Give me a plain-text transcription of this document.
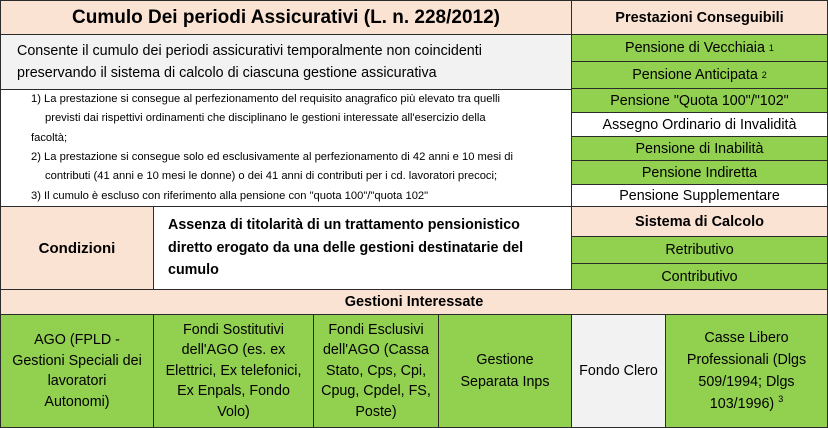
Cumulo Dei periodi Assicurativi (L. n. 228/2012)
Consente il cumulo dei periodi assicurativi temporalmente non coincidenti
preservando il sistema di calcolo di ciascuna gestione assicurativa
1) La prestazione si consegue al perfezionamento del requisito anagrafico più elevato tra quelli
previsti dai rispettivi ordinamenti che disciplinano le gestioni interessate all'esercizio della
facoltà;
2) La prestazione si consegue solo ed esclusivamente al perfezionamento di 42 anni e 10 mesi di
contributi (41 anni e 10 mesi le donne) o dei 41 anni di contributi per i cd. lavoratori precoci;
3) Il cumulo è escluso con riferimento alla pensione con "quota 100"/"quota 102"
Condizioni
Assenza di titolarità di un trattamento pensionistico
diretto erogato da una delle gestioni destinatarie del
cumulo
Prestazioni Conseguibili
Pensione di Vecchiaia
1
Pensione Anticipata
2
Pensione "Quota 100"/"102"
Assegno Ordinario di Invalidità
Pensione di Inabilità
Pensione Indiretta
Pensione Supplementare
Sistema di Calcolo
Retributivo
Contributivo
Gestioni Interessate
AGO (FPLD -
Gestioni Speciali dei
lavoratori
Autonomi)
Fondi Sostitutivi
dell'AGO (es. ex
Elettrici, Ex telefonici,
Ex Enpals, Fondo
Volo)
Fondi Esclusivi
dell'AGO (Cassa
Stato, Cps, Cpi,
Cpug, Cpdel, FS,
Poste)
Gestione
Separata Inps
Fondo Clero
Casse Libero
Professionali (Dlgs
509/1994; Dlgs
103/1996) $^3$
